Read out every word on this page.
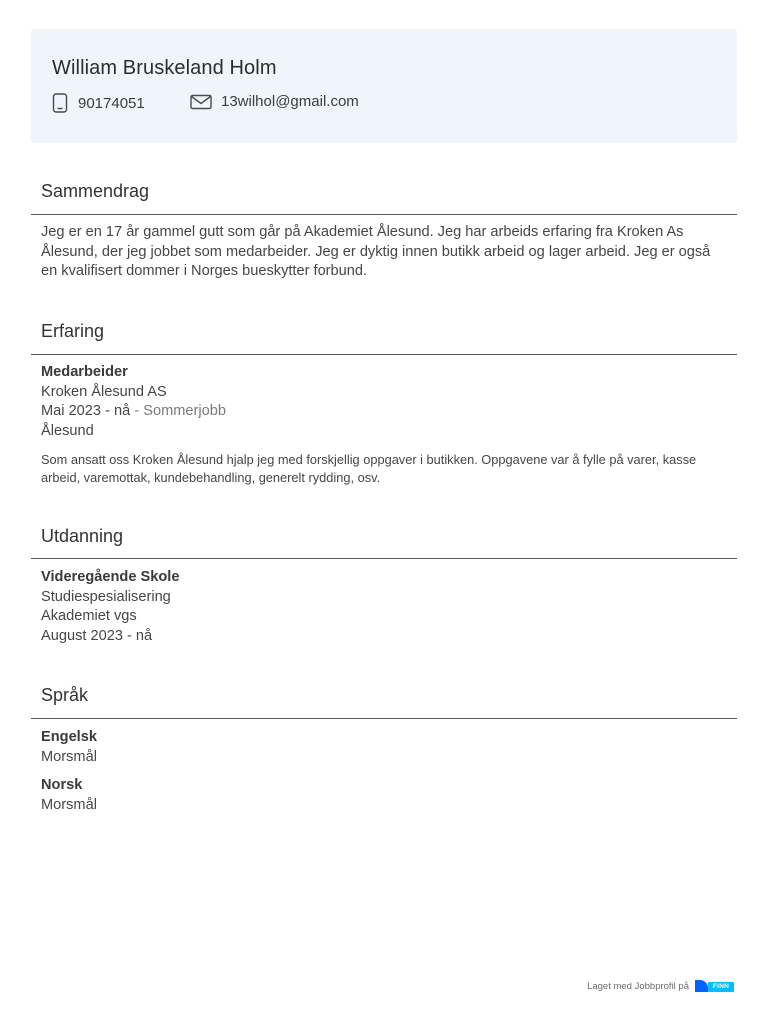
William Bruskeland Holm
90174051	13wilhol@gmail.com
Sammendrag
Jeg er en 17 år gammel gutt som går på Akademiet Ålesund. Jeg har arbeids erfaring fra Kroken As
Ålesund, der jeg jobbet som medarbeider. Jeg er dyktig innen butikk arbeid og lager arbeid. Jeg er også
en kvalifisert dommer i Norges bueskytter forbund.
Erfaring
Medarbeider
Kroken Ålesund AS
Mai 2023 - nå - Sommerjobb
Ålesund
Som ansatt oss Kroken Ålesund hjalp jeg med forskjellig oppgaver i butikken. Oppgavene var å fylle på varer, kasse
arbeid, varemottak, kundebehandling, generelt rydding, osv.
Utdanning
Videregående Skole
Studiespesialisering
Akademiet vgs
August 2023 - nå
Språk
Engelsk
Morsmål
Norsk
Morsmål
Laget med Jobbprofil på	FINN
